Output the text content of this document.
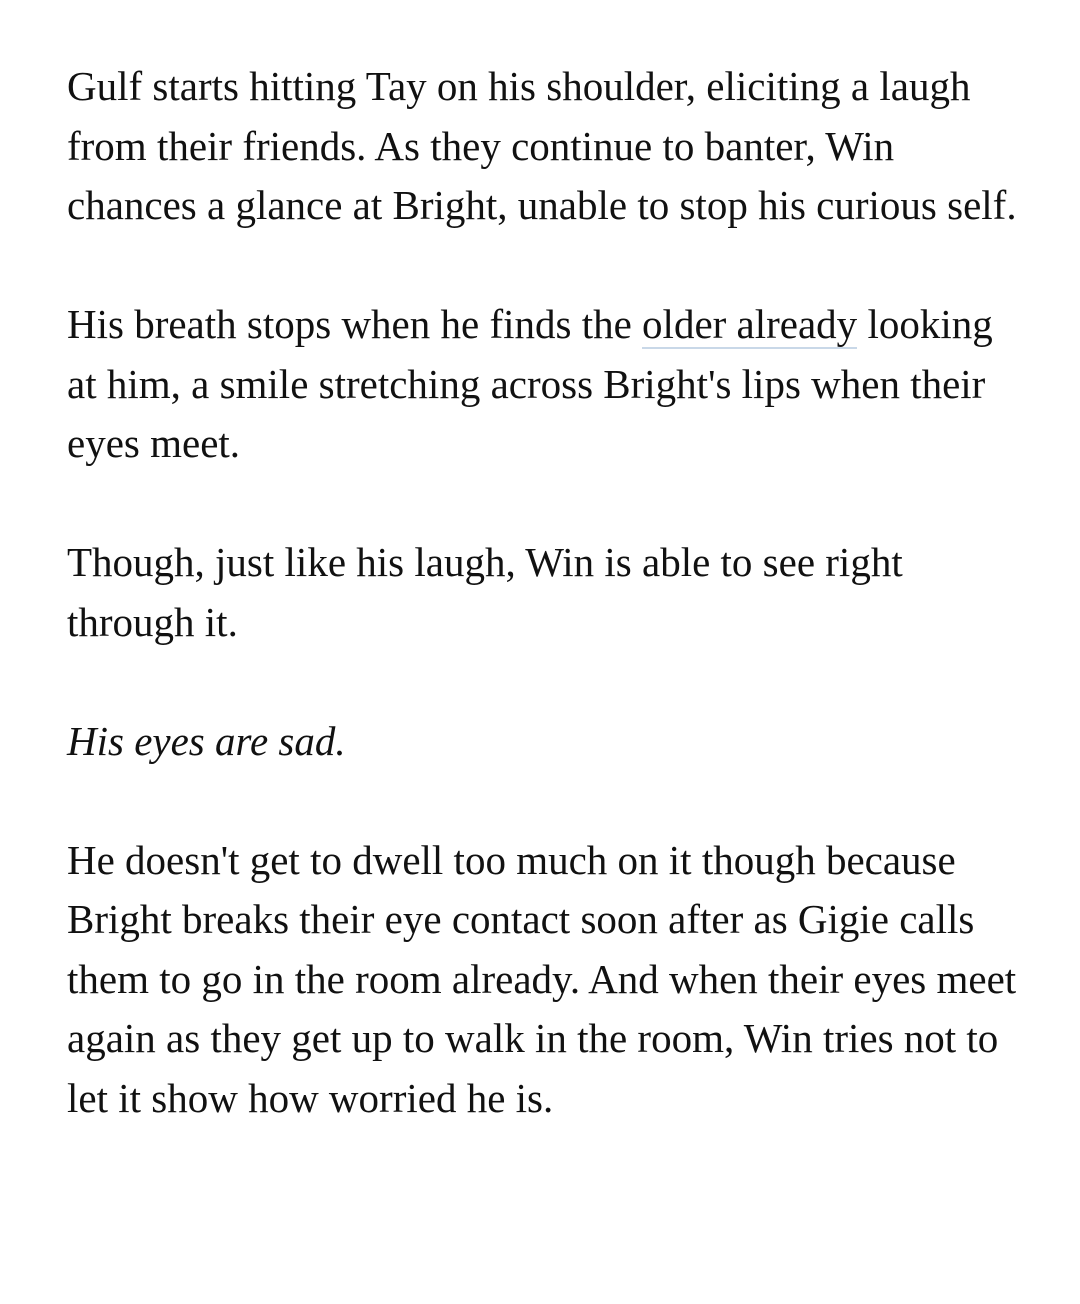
Gulf starts hitting Tay on his shoulder, eliciting a laugh from their friends. As they continue to banter, Win chances a glance at Bright, unable to stop his curious self.

His breath stops when he finds the older already looking at him, a smile stretching across Bright's lips when their eyes meet.

Though, just like his laugh, Win is able to see right through it.

His eyes are sad.

He doesn't get to dwell too much on it though because Bright breaks their eye contact soon after as Gigie calls them to go in the room already. And when their eyes meet again as they get up to walk in the room, Win tries not to let it show how worried he is.
